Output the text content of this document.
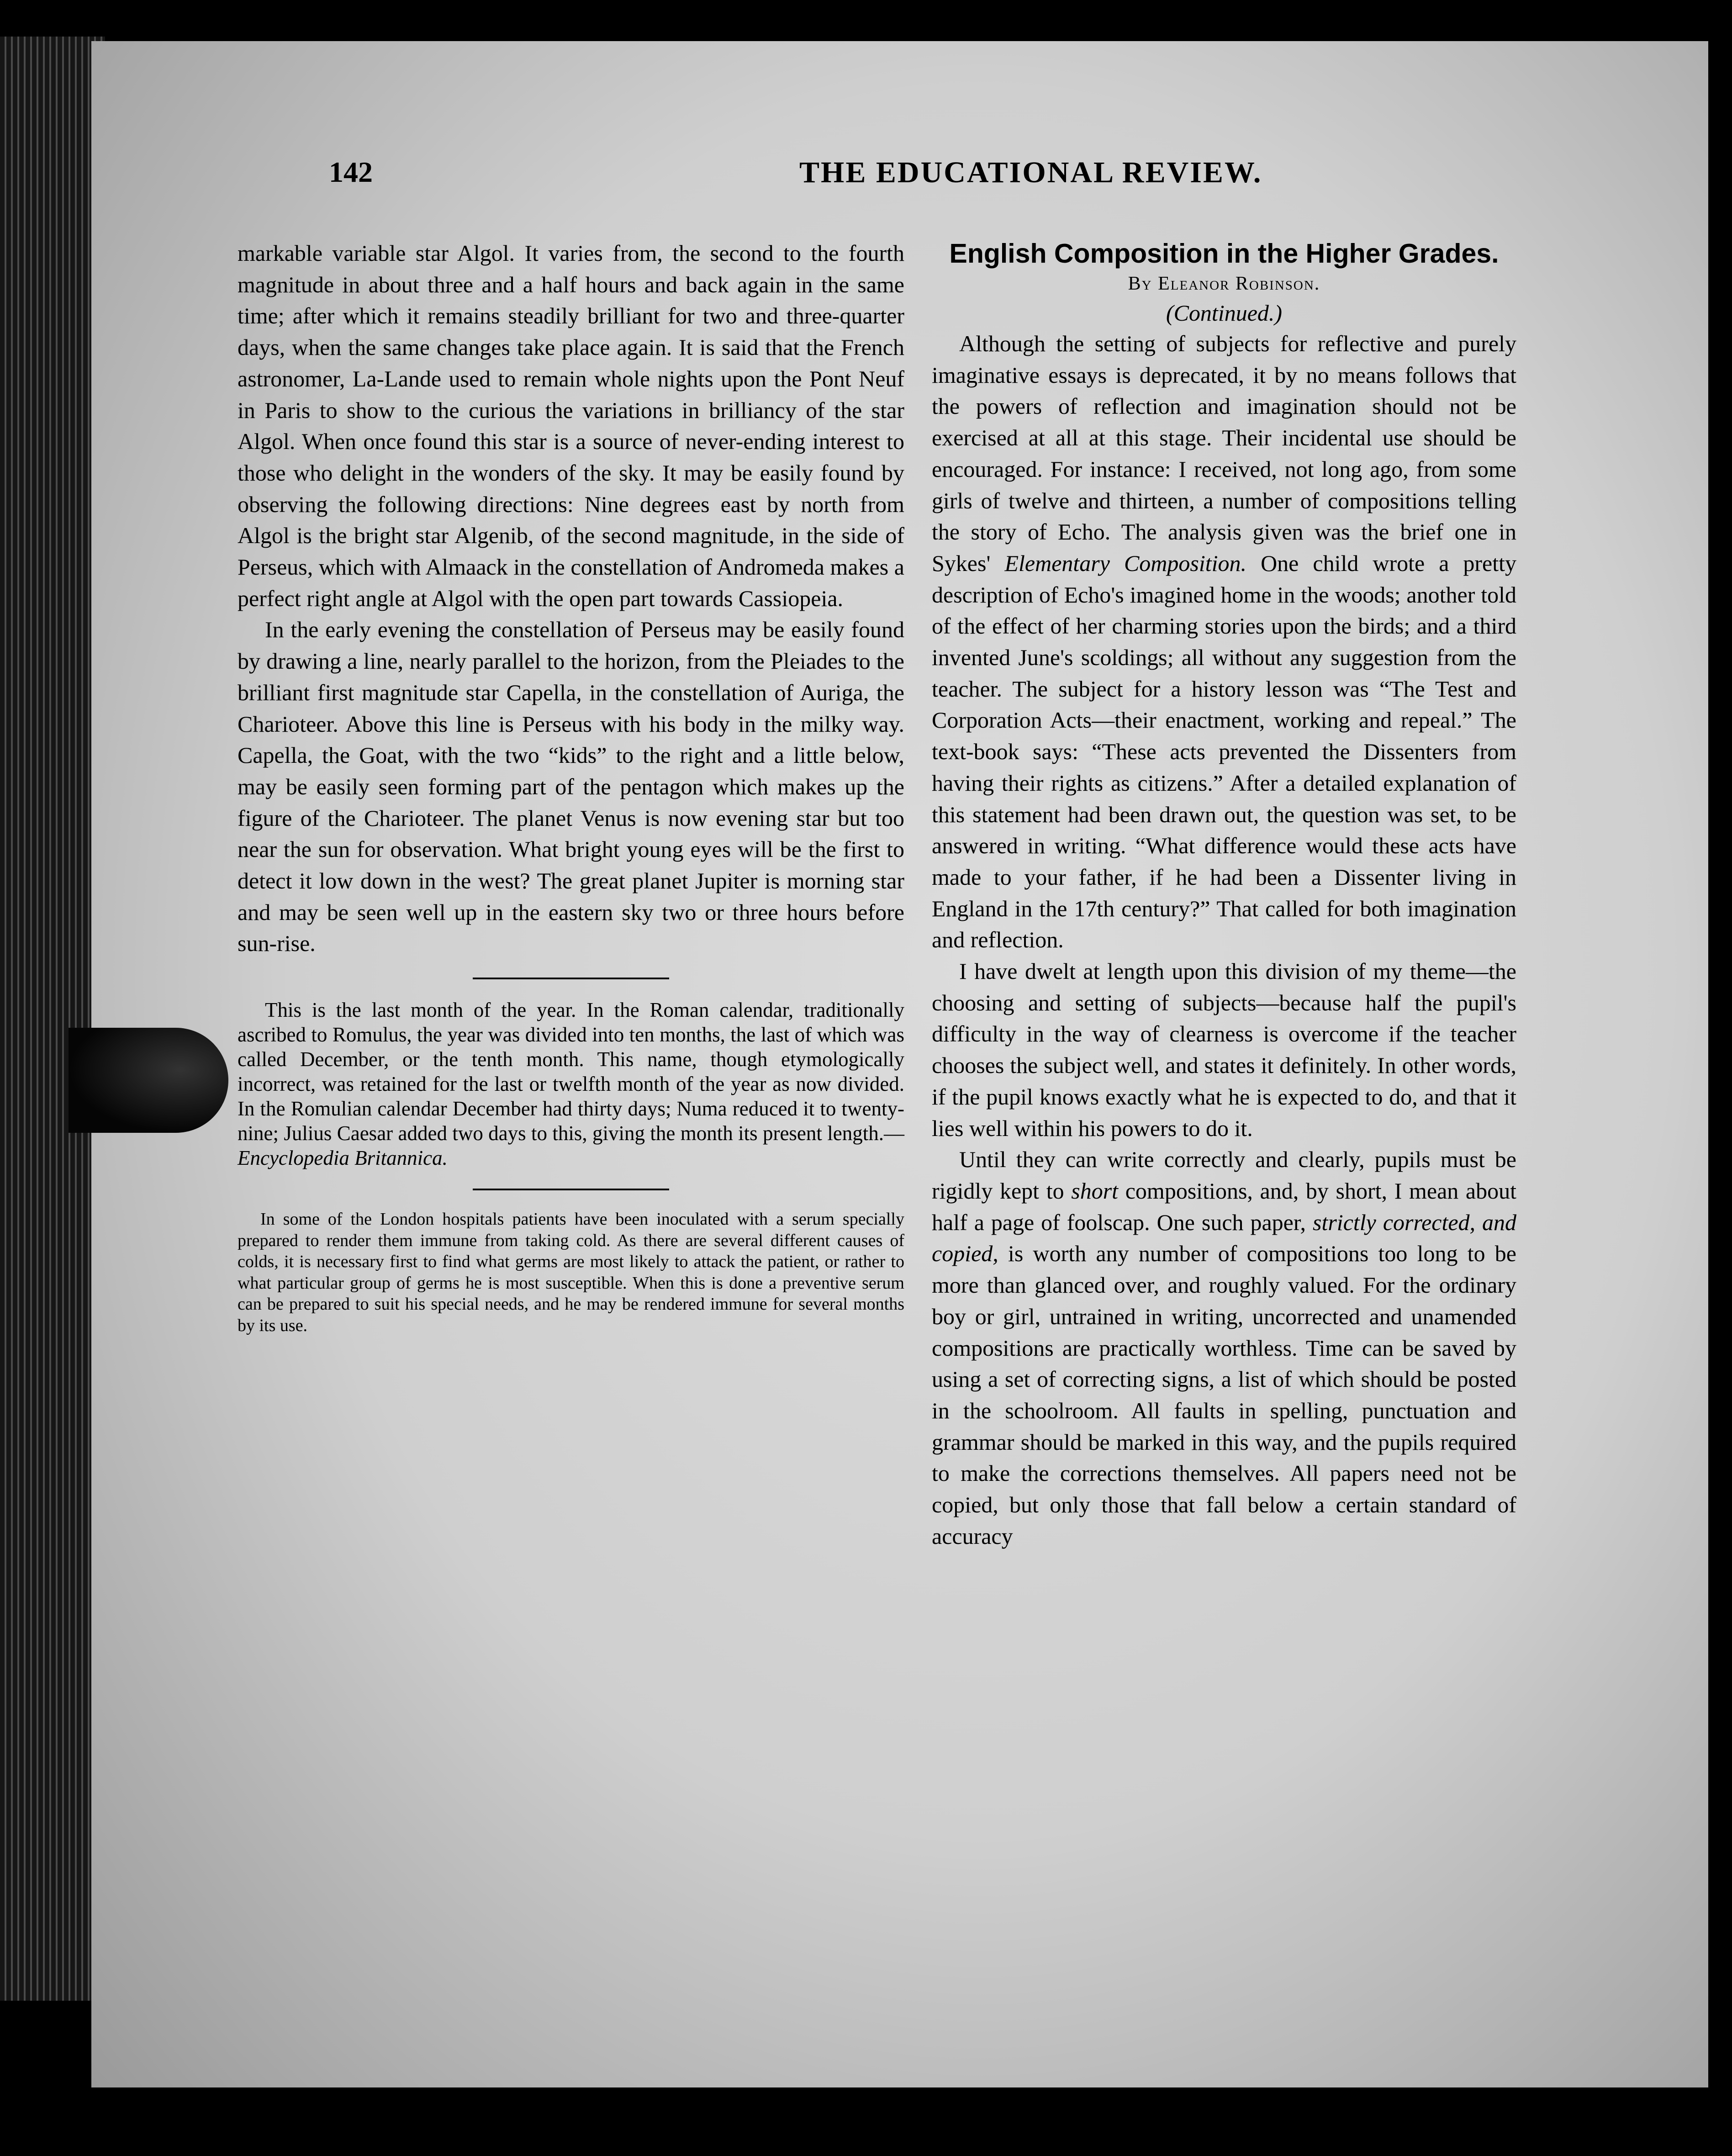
142	THE EDUCATIONAL REVIEW.

markable variable star Algol. It varies from, the second to the fourth magnitude in about three and a half hours and back again in the same time; after which it remains steadily brilliant for two and three-quarter days, when the same changes take place again. It is said that the French astronomer, La-Lande used to remain whole nights upon the Pont Neuf in Paris to show to the curious the variations in brilliancy of the star Algol. When once found this star is a source of never-ending interest to those who delight in the wonders of the sky. It may be easily found by observing the following directions: Nine degrees east by north from Algol is the bright star Algenib, of the second magnitude, in the side of Perseus, which with Almaack in the constellation of Andromeda makes a perfect right angle at Algol with the open part towards Cassiopeia.

In the early evening the constellation of Perseus may be easily found by drawing a line, nearly parallel to the horizon, from the Pleiades to the brilliant first magnitude star Capella, in the constellation of Auriga, the Charioteer. Above this line is Perseus with his body in the milky way. Capella, the Goat, with the two “kids” to the right and a little below, may be easily seen forming part of the pentagon which makes up the figure of the Charioteer. The planet Venus is now evening star but too near the sun for observation. What bright young eyes will be the first to detect it low down in the west? The great planet Jupiter is morning star and may be seen well up in the eastern sky two or three hours before sun-rise.

This is the last month of the year. In the Roman calendar, traditionally ascribed to Romulus, the year was divided into ten months, the last of which was called December, or the tenth month. This name, though etymologically incorrect, was retained for the last or twelfth month of the year as now divided. In the Romulian calendar December had thirty days; Numa reduced it to twenty-nine; Julius Caesar added two days to this, giving the month its present length.—Encyclopedia Britannica.

In some of the London hospitals patients have been inoculated with a serum specially prepared to render them immune from taking cold. As there are several different causes of colds, it is necessary first to find what germs are most likely to attack the patient, or rather to what particular group of germs he is most susceptible. When this is done a preventive serum can be prepared to suit his special needs, and he may be rendered immune for several months by its use.

English Composition in the Higher Grades.
By Eleanor Robinson.
(Continued.)

Although the setting of subjects for reflective and purely imaginative essays is deprecated, it by no means follows that the powers of reflection and imagination should not be exercised at all at this stage. Their incidental use should be encouraged. For instance: I received, not long ago, from some girls of twelve and thirteen, a number of compositions telling the story of Echo. The analysis given was the brief one in Sykes' Elementary Composition. One child wrote a pretty description of Echo's imagined home in the woods; another told of the effect of her charming stories upon the birds; and a third invented June's scoldings; all without any suggestion from the teacher. The subject for a history lesson was “The Test and Corporation Acts—their enactment, working and repeal.” The text-book says: “These acts prevented the Dissenters from having their rights as citizens.” After a detailed explanation of this statement had been drawn out, the question was set, to be answered in writing. “What difference would these acts have made to your father, if he had been a Dissenter living in England in the 17th century?” That called for both imagination and reflection.

I have dwelt at length upon this division of my theme—the choosing and setting of subjects—because half the pupil's difficulty in the way of clearness is overcome if the teacher chooses the subject well, and states it definitely. In other words, if the pupil knows exactly what he is expected to do, and that it lies well within his powers to do it.

Until they can write correctly and clearly, pupils must be rigidly kept to short compositions, and, by short, I mean about half a page of foolscap. One such paper, strictly corrected, and copied, is worth any number of compositions too long to be more than glanced over, and roughly valued. For the ordinary boy or girl, untrained in writing, uncorrected and unamended compositions are practically worthless. Time can be saved by using a set of correcting signs, a list of which should be posted in the schoolroom. All faults in spelling, punctuation and grammar should be marked in this way, and the pupils required to make the corrections themselves. All papers need not be copied, but only those that fall below a certain standard of accuracy
